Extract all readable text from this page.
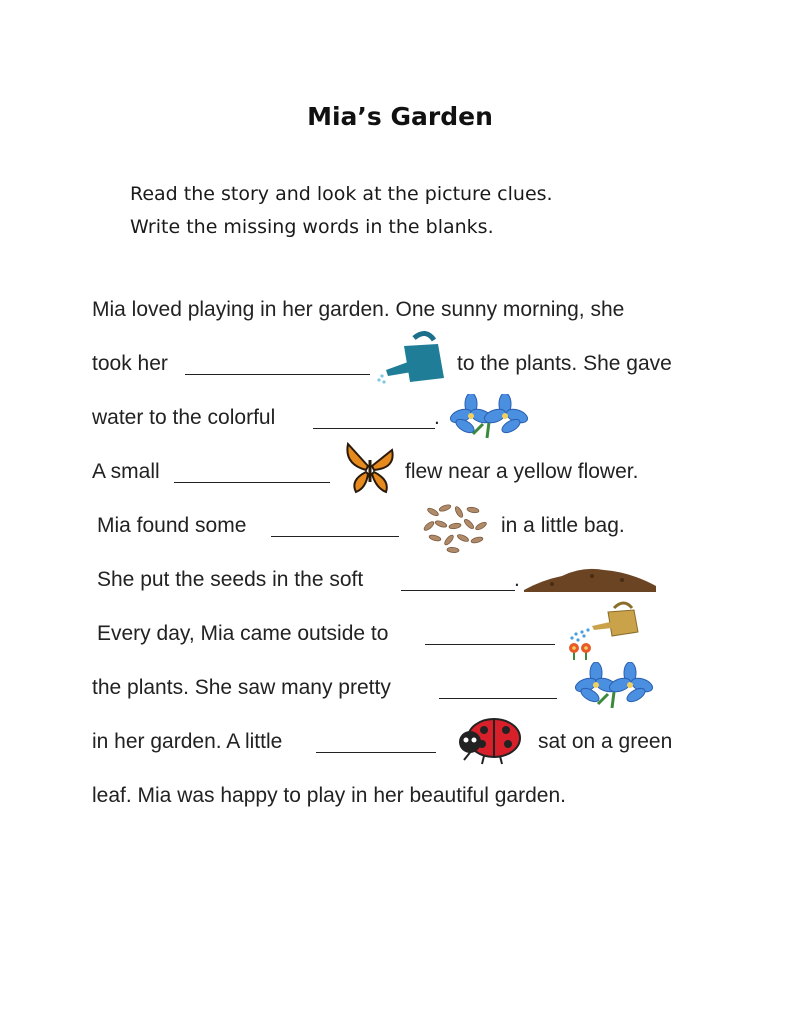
Mia’s Garden
Read the story and look at the picture clues.
Write the missing words in the blanks.
Mia loved playing in her garden. One sunny morning, she
took her	to the plants. She gave
water to the colorful	.
A small	flew near a yellow flower.
Mia found some	in a little bag.
She put the seeds in the soft	.
Every day, Mia came outside to
the plants. She saw many pretty
in her garden. A little	sat on a green
leaf. Mia was happy to play in her beautiful garden.
